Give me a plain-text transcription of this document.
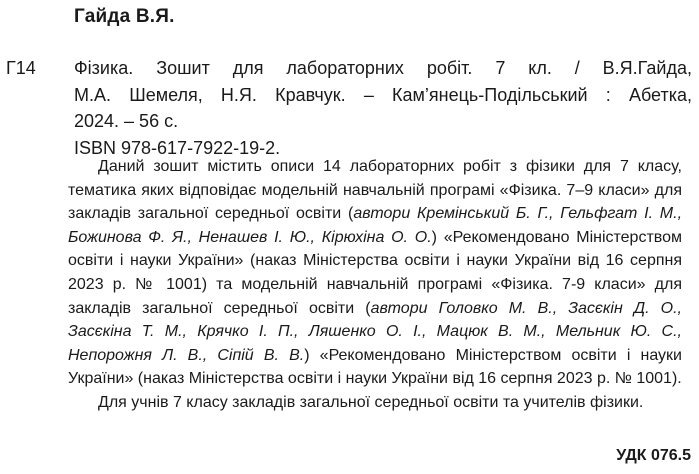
Гайда В.Я.
Г14 Фізика. Зошит для лабораторних робіт. 7 кл. / В.Я.Гайда,
М.А. Шемеля, Н.Я. Кравчук. – Кам’янець-Подільський : Абетка,
2024. – 56 с.
ISBN 978-617-7922-19-2.

Даний зошит містить описи 14 лабораторних робіт з фізики для 7 класу, тематика яких відповідає модельній навчальній програмі «Фізика. 7–9 класи» для закладів загальної середньої освіти (автори Кремінський Б. Г., Гельфгат І. М., Божинова Ф. Я., Ненашев І. Ю., Кірюхіна О. О.) «Рекомендовано Міністерством освіти і науки України» (наказ Міністерства освіти і науки України від 16 серпня 2023 р. № 1001) та модельній навчальній програмі «Фізика. 7-9 класи» для закладів загальної середньої освіти (автори Головко М. В., Засєкін Д. О., Засєкіна Т. М., Крячко І. П., Ляшенко О. І., Мацюк В. М., Мельник Ю. С., Непорожня Л. В., Сіпій В. В.) «Рекомендовано Міністерством освіти і науки України» (наказ Міністерства освіти і науки України від 16 серпня 2023 р. № 1001).

Для учнів 7 класу закладів загальної середньої освіти та учителів фізики.

УДК 076.5
